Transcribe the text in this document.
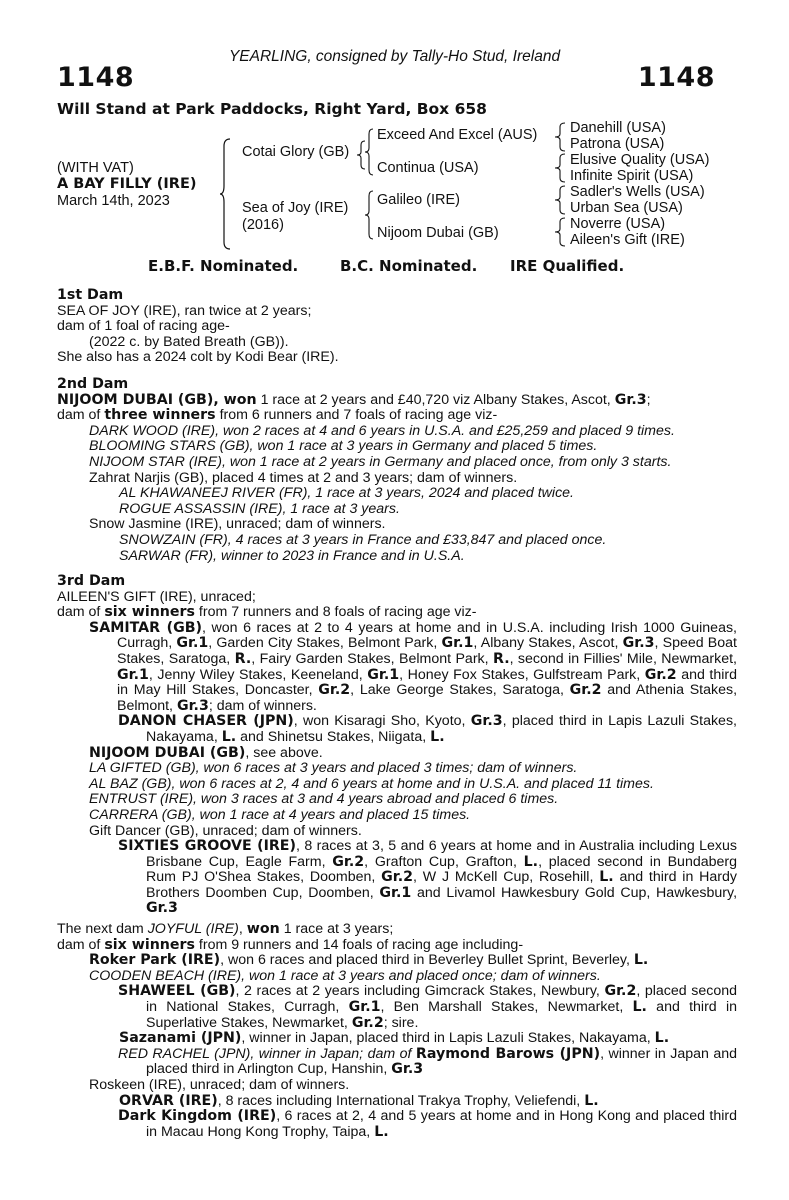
YEARLING, consigned by Tally-Ho Stud, Ireland
1148	1148
Will Stand at Park Paddocks, Right Yard, Box 658
(WITH VAT)
A BAY FILLY (IRE)
March 14th, 2023
Cotai Glory (GB)
Exceed And Excel (AUS)
Continua (USA)
Danehill (USA)
Patrona (USA)
Elusive Quality (USA)
Infinite Spirit (USA)
Sea of Joy (IRE)
(2016)
Galileo (IRE)
Nijoom Dubai (GB)
Sadler's Wells (USA)
Urban Sea (USA)
Noverre (USA)
Aileen's Gift (IRE)
E.B.F. Nominated.	B.C. Nominated. IRE Qualified.
1st Dam
SEA OF JOY (IRE), ran twice at 2 years;
dam of 1 foal of racing age-
(2022 c. by Bated Breath (GB)).
She also has a 2024 colt by Kodi Bear (IRE).
2nd Dam
NIJOOM DUBAI (GB), won 1 race at 2 years and £40,720 viz Albany Stakes, Ascot, Gr.3;
dam of three winners from 6 runners and 7 foals of racing age viz-
DARK WOOD (IRE), won 2 races at 4 and 6 years in U.S.A. and £25,259 and placed 9 times.
BLOOMING STARS (GB), won 1 race at 3 years in Germany and placed 5 times.
NIJOOM STAR (IRE), won 1 race at 2 years in Germany and placed once, from only 3 starts.
Zahrat Narjis (GB), placed 4 times at 2 and 3 years; dam of winners.
AL KHAWANEEJ RIVER (FR), 1 race at 3 years, 2024 and placed twice.
ROGUE ASSASSIN (IRE), 1 race at 3 years.
Snow Jasmine (IRE), unraced; dam of winners.
SNOWZAIN (FR), 4 races at 3 years in France and £33,847 and placed once.
SARWAR (FR), winner to 2023 in France and in U.S.A.
3rd Dam
AILEEN'S GIFT (IRE), unraced;
dam of six winners from 7 runners and 8 foals of racing age viz-
SAMITAR (GB), won 6 races at 2 to 4 years at home and in U.S.A. including Irish 1000 Guineas, Curragh, Gr.1, Garden City Stakes, Belmont Park, Gr.1, Albany Stakes, Ascot, Gr.3, Speed Boat Stakes, Saratoga, R., Fairy Garden Stakes, Belmont Park, R., second in Fillies' Mile, Newmarket, Gr.1, Jenny Wiley Stakes, Keeneland, Gr.1, Honey Fox Stakes, Gulfstream Park, Gr.2 and third in May Hill Stakes, Doncaster, Gr.2, Lake George Stakes, Saratoga, Gr.2 and Athenia Stakes, Belmont, Gr.3; dam of winners.
DANON CHASER (JPN), won Kisaragi Sho, Kyoto, Gr.3, placed third in Lapis Lazuli Stakes, Nakayama, L. and Shinetsu Stakes, Niigata, L.
NIJOOM DUBAI (GB), see above.
LA GIFTED (GB), won 6 races at 3 years and placed 3 times; dam of winners.
AL BAZ (GB), won 6 races at 2, 4 and 6 years at home and in U.S.A. and placed 11 times.
ENTRUST (IRE), won 3 races at 3 and 4 years abroad and placed 6 times.
CARRERA (GB), won 1 race at 4 years and placed 15 times.
Gift Dancer (GB), unraced; dam of winners.
SIXTIES GROOVE (IRE), 8 races at 3, 5 and 6 years at home and in Australia including Lexus Brisbane Cup, Eagle Farm, Gr.2, Grafton Cup, Grafton, L., placed second in Bundaberg Rum PJ O'Shea Stakes, Doomben, Gr.2, W J McKell Cup, Rosehill, L. and third in Hardy Brothers Doomben Cup, Doomben, Gr.1 and Livamol Hawkesbury Gold Cup, Hawkesbury, Gr.3
The next dam JOYFUL (IRE), won 1 race at 3 years;
dam of six winners from 9 runners and 14 foals of racing age including-
Roker Park (IRE), won 6 races and placed third in Beverley Bullet Sprint, Beverley, L.
COODEN BEACH (IRE), won 1 race at 3 years and placed once; dam of winners.
SHAWEEL (GB), 2 races at 2 years including Gimcrack Stakes, Newbury, Gr.2, placed second in National Stakes, Curragh, Gr.1, Ben Marshall Stakes, Newmarket, L. and third in Superlative Stakes, Newmarket, Gr.2; sire.
Sazanami (JPN), winner in Japan, placed third in Lapis Lazuli Stakes, Nakayama, L.
RED RACHEL (JPN), winner in Japan; dam of Raymond Barows (JPN), winner in Japan and placed third in Arlington Cup, Hanshin, Gr.3
Roskeen (IRE), unraced; dam of winners.
ORVAR (IRE), 8 races including International Trakya Trophy, Veliefendi, L.
Dark Kingdom (IRE), 6 races at 2, 4 and 5 years at home and in Hong Kong and placed third in Macau Hong Kong Trophy, Taipa, L.
